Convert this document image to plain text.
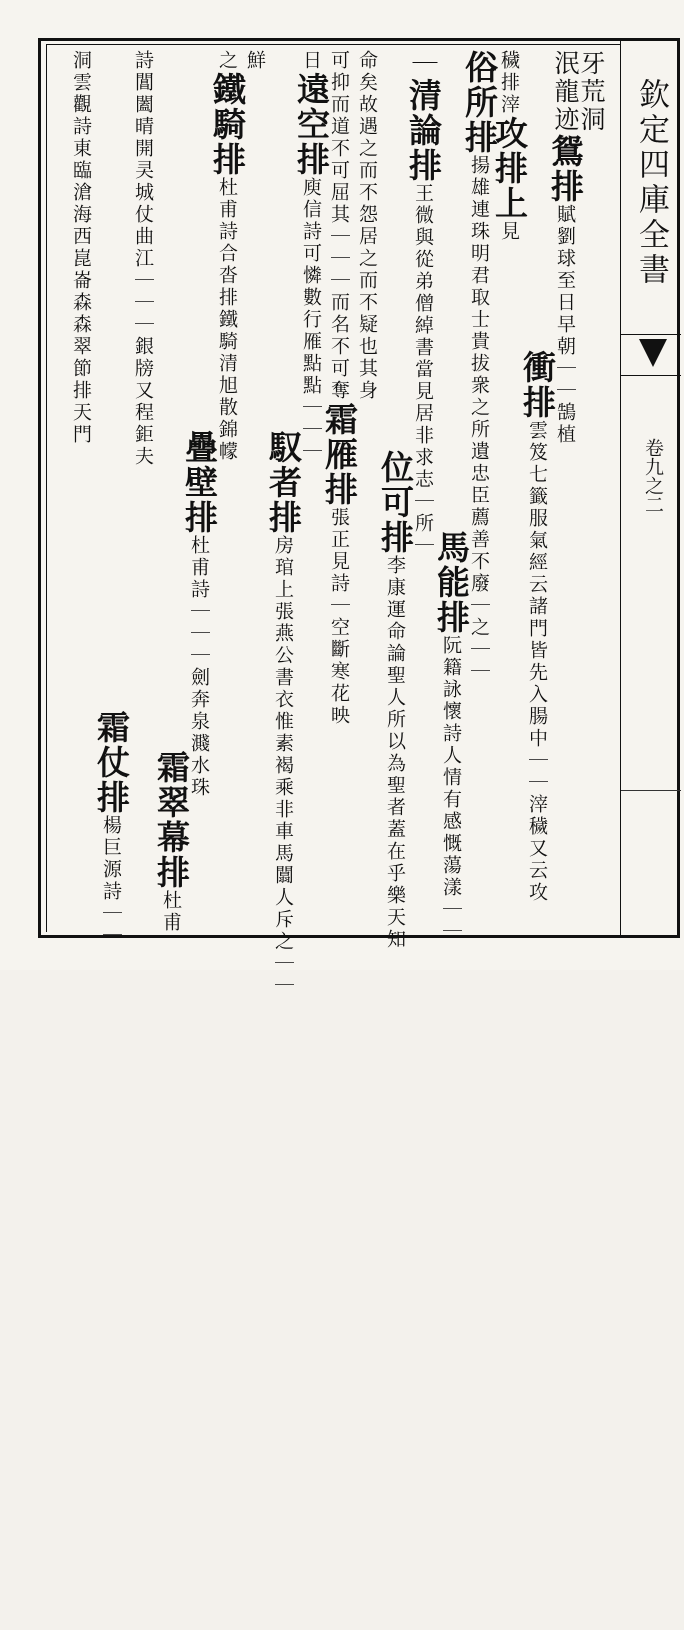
欽定四庫全書
卷九之二
牙荒洞
泯龍迹鴛排賦劉球至日早朝｜｜鵠植
衝排雲笈七籤服氣經云諸門皆先入腸中｜｜滓穢又云攻
穢排滓攻排上見
俗所排揚雄連珠明君取士貴拔衆之所遺忠臣薦善不廢｜之｜｜
馬能排阮籍詠懷詩人情有感慨蕩漾｜｜
｜清論排王微與從弟僧綽書當見居非求志｜所｜
位可排李康運命論聖人所以為聖者蓋在乎樂天知
命矣故遇之而不怨居之而不疑也其身
可抑而道不可屈其｜｜｜而名不可奪霜雁排張正見詩｜空斷寒花映
日遠空排庾信詩可憐數行雁點點｜｜｜
馭者排房琯上張燕公書衣惟素褐乘非車馬闒人斥之｜｜
鮮
之鐵騎排杜甫詩合沓排鐵騎清旭散錦幪
疊壁排杜甫詩｜｜｜劍奔泉濺水珠
霜翠幕排杜甫
詩閶闔晴開㚑城仗曲江｜｜｜銀牓又程鉅夫
洞雲觀詩東臨滄海西崑崙森森翠節排天門
霜仗排楊巨源詩｜｜
